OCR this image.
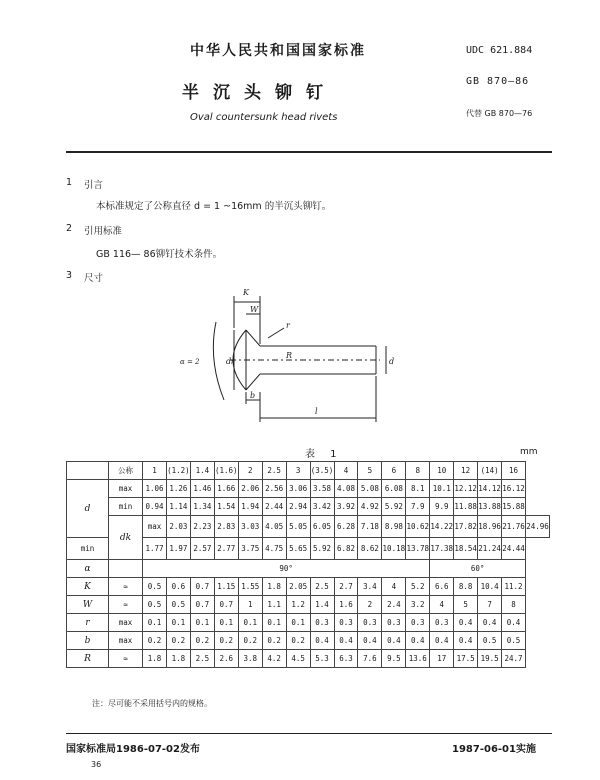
中华人民共和国国家标准
半沉头铆钉
Oval countersunk head rivets
UDC 621.884
GB 870—86
代替 GB 870—76
1 引言
本标准规定了公称直径 d = 1 ~16mm 的半沉头铆钉。
2 引用标准
GB 116— 86铆钉技术条件。
3 尺寸
K
W
r
R
α = 2
b
dₖ	d
l
表 1	mm
	公称	1	(1.2)	1.4	(1.6)	2	2.5	3	(3.5)	4	5	6	8	10	12	(14)	16	
d	max	1.06	1.26	1.46	1.66	2.06	2.56	3.06	3.58	4.08	5.08	6.08	8.1	10.1	12.12	14.12	16.12	
	min	0.94	1.14	1.34	1.54	1.94	2.44	2.94	3.42	3.92	4.92	5.92	7.9	9.9	11.88	13.88	15.88	
	dk	max	2.03	2.23	2.83	3.03	4.05	5.05	6.05	6.28	7.18	8.98	10.62	14.22	17.82	18.96	21.76	24.96
min		1.77	1.97	2.57	2.77	3.75	4.75	5.65	5.92	6.82	8.62	10.18	13.78	17.38	18.54	21.24	24.44	
α		90°												60°				
K	≈	0.5	0.6	0.7	1.15	1.55	1.8	2.05	2.5	2.7	3.4	4	5.2	6.6	8.8	10.4	11.2	
W	≈	0.5	0.5	0.7	0.7	1	1.1	1.2	1.4	1.6	2	2.4	3.2	4	5	7	8	
r	max	0.1	0.1	0.1	0.1	0.1	0.1	0.1	0.3	0.3	0.3	0.3	0.3	0.3	0.4	0.4	0.4	
b	max	0.2	0.2	0.2	0.2	0.2	0.2	0.2	0.4	0.4	0.4	0.4	0.4	0.4	0.4	0.5	0.5	
R	≈	1.8	1.8	2.5	2.6	3.8	4.2	4.5	5.3	6.3	7.6	9.5	13.6	17	17.5	19.5	24.7	
注：尽可能不采用括号内的规格。
国家标准局1986-07-02发布	1987-06-01实施
36
